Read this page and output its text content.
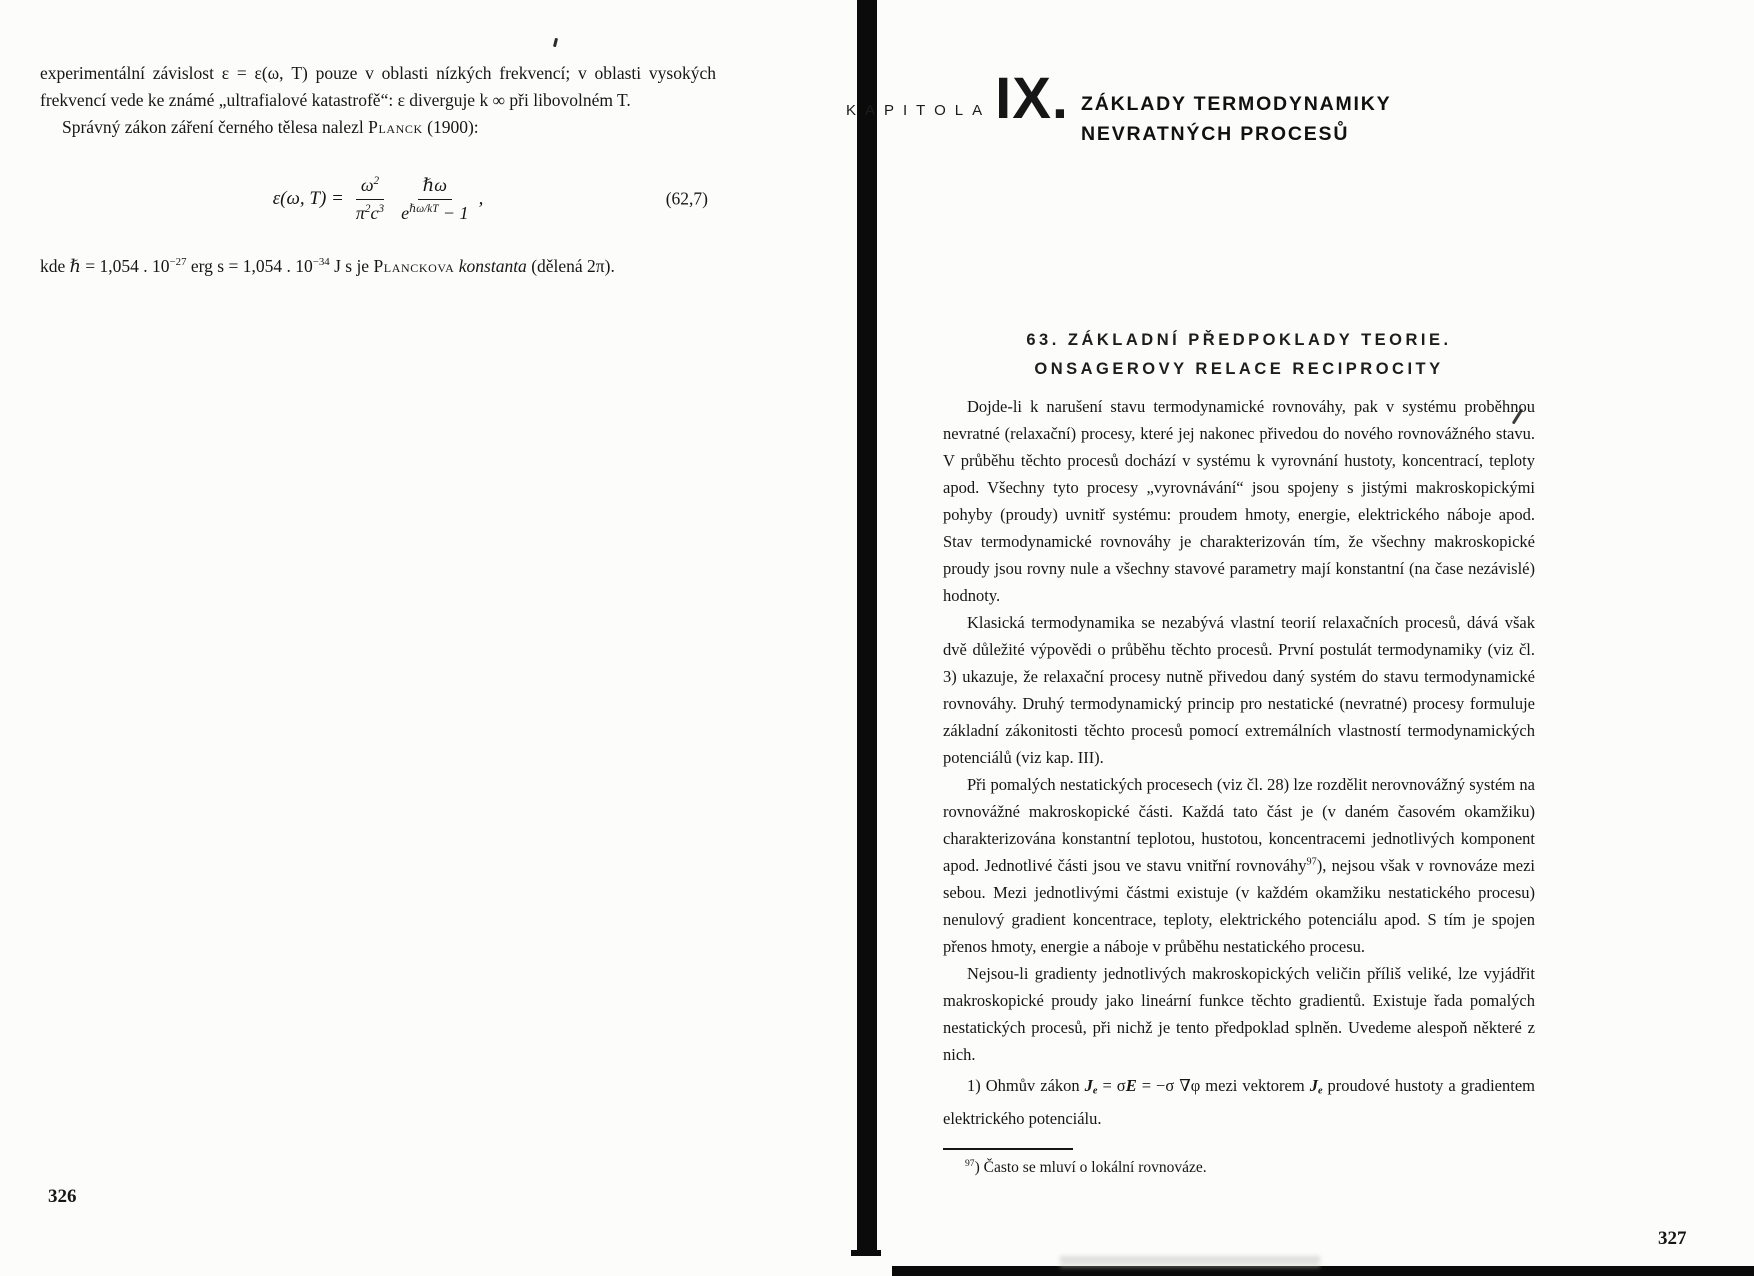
experimentální závislost ε = ε(ω, T) pouze v oblasti nízkých frekvencí; v oblasti vysokých frekvencí vede ke známé „ultrafialové katastrofě“: ε diverguje k ∞ při libovolném T.

Správný zákon záření černého tělesa nalezl Planck (1900):

ε(ω, $T) = \frac{\omega^2}{\pi^2c^3} \frac{\text{ℏω}}{e^{\hbar\omega/kT} - 1}$ ,	(62,7)

kde ℏ = 1,054 . $10^{-27}$ erg s = 1,054 . $10^{-34}$ J s je Planckova konstanta (dělená 2π).

326
KAPITOLA IX. ZÁKLADY TERMODYNAMIKY
NEVRATNÝCH PROCESŮ
63. ZÁKLADNÍ PŘEDPOKLADY TEORIE.
ONSAGEROVY RELACE RECIPROCITY

Dojde-li k narušení stavu termodynamické rovnováhy, pak v systému proběhnou nevratné (relaxační) procesy, které jej nakonec přivedou do nového rovnovážného stavu. V průběhu těchto procesů dochází v systému k vyrovnání hustoty, koncentrací, teploty apod. Všechny tyto procesy „vyrovnávání“ jsou spojeny s jistými makroskopickými pohyby (proudy) uvnitř systému: proudem hmoty, energie, elektrického náboje apod. Stav termodynamické rovnováhy je charakterizován tím, že všechny makroskopické proudy jsou rovny nule a všechny stavové parametry mají konstantní (na čase nezávislé) hodnoty.

Klasická termodynamika se nezabývá vlastní teorií relaxačních procesů, dává však dvě důležité výpovědi o průběhu těchto procesů. První postulát termodynamiky (viz čl. 3) ukazuje, že relaxační procesy nutně přivedou daný systém do stavu termodynamické rovnováhy. Druhý termodynamický princip pro nestatické (nevratné) procesy formuluje základní zákonitosti těchto procesů pomocí extremálních vlastností termodynamických potenciálů (viz kap. III).

Při pomalých nestatických procesech (viz čl. 28) lze rozdělit nerovnovážný systém na rovnovážné makroskopické části. Každá tato část je (v daném časovém okamžiku) charakterizována konstantní teplotou, hustotou, koncentracemi jednotlivých komponent apod. Jednotlivé části jsou ve stavu vnitřní rovnováhy$^{97}$), nejsou však v rovnováze mezi sebou. Mezi jednotlivými částmi existuje (v každém okamžiku nestatického procesu) nenulový gradient koncentrace, teploty, elektrického potenciálu apod. S tím je spojen přenos hmoty, energie a náboje v průběhu nestatického procesu.

Nejsou-li gradienty jednotlivých makroskopických veličin příliš veliké, lze vyjádřit makroskopické proudy jako lineární funkce těchto gradientů. Existuje řada pomalých nestatických procesů, při nichž je tento předpoklad splněn. Uvedeme alespoň některé z nich.

1) Ohmův zákon Je = σE = −σ ∇φ mezi vektorem Je proudové hustoty a gradientem elektrického potenciálu.

$^{97}$) Často se mluví o lokální rovnováze.

327
